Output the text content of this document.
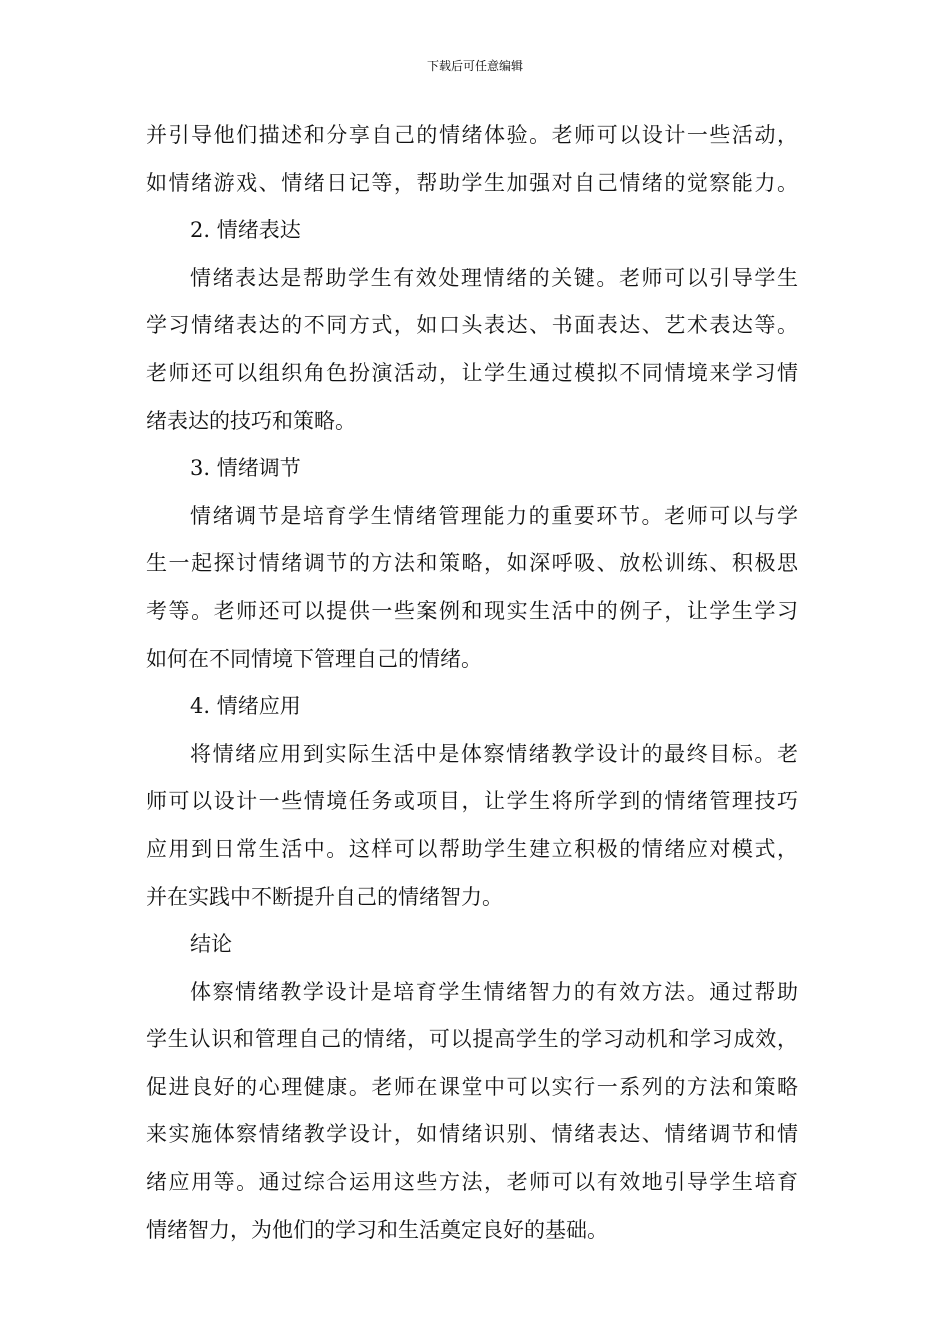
下载后可任意编辑
并引导他们描述和分享自己的情绪体验。老师可以设计一些活动，
如情绪游戏、情绪日记等，帮助学生加强对自己情绪的觉察能力。
2. 情绪表达
情绪表达是帮助学生有效处理情绪的关键。老师可以引导学生
学习情绪表达的不同方式，如口头表达、书面表达、艺术表达等。
老师还可以组织角色扮演活动，让学生通过模拟不同情境来学习情
绪表达的技巧和策略。
3. 情绪调节
情绪调节是培育学生情绪管理能力的重要环节。老师可以与学
生一起探讨情绪调节的方法和策略，如深呼吸、放松训练、积极思
考等。老师还可以提供一些案例和现实生活中的例子，让学生学习
如何在不同情境下管理自己的情绪。
4. 情绪应用
将情绪应用到实际生活中是体察情绪教学设计的最终目标。老
师可以设计一些情境任务或项目，让学生将所学到的情绪管理技巧
应用到日常生活中。这样可以帮助学生建立积极的情绪应对模式，
并在实践中不断提升自己的情绪智力。
结论
体察情绪教学设计是培育学生情绪智力的有效方法。通过帮助
学生认识和管理自己的情绪，可以提高学生的学习动机和学习成效，
促进良好的心理健康。老师在课堂中可以实行一系列的方法和策略
来实施体察情绪教学设计，如情绪识别、情绪表达、情绪调节和情
绪应用等。通过综合运用这些方法，老师可以有效地引导学生培育
情绪智力，为他们的学习和生活奠定良好的基础。
